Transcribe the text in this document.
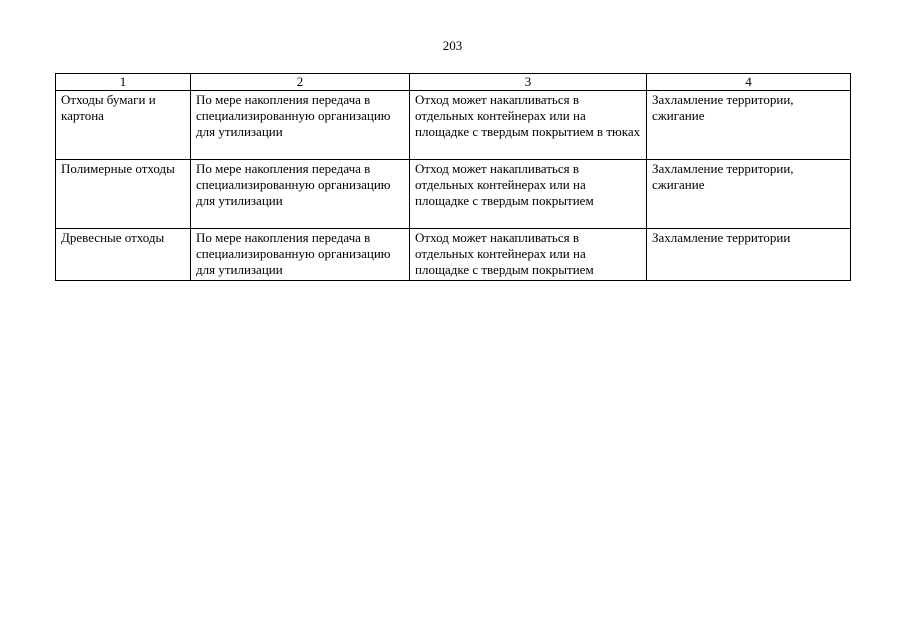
203
1	2	3	4
Отходы бумаги и картона	По мере накопления передача в специализированную организацию для утилизации	Отход может накапливаться в отдельных контейнерах или на площадке с твердым покрытием в тюках	Захламление территории, сжигание
Полимерные отходы	По мере накопления передача в специализированную организацию для утилизации	Отход может накапливаться в отдельных контейнерах или на площадке с твердым покрытием	Захламление территории, сжигание
Древесные отходы	По мере накопления передача в специализированную организацию для утилизации	Отход может накапливаться в отдельных контейнерах или на площадке с твердым покрытием	Захламление территории
